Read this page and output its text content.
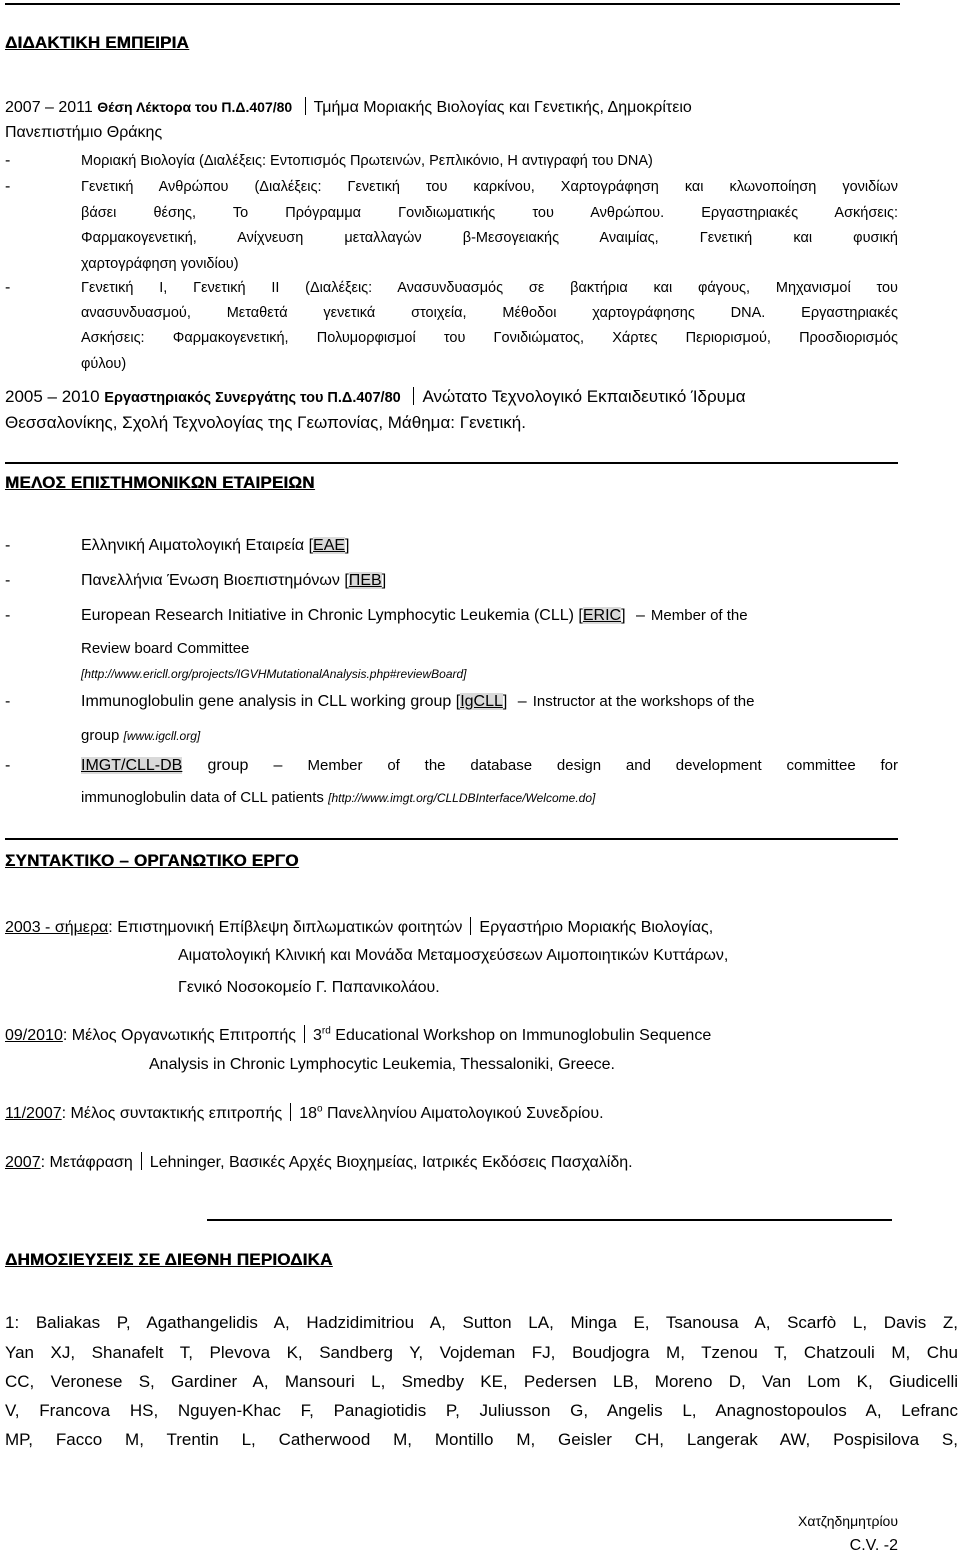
ΔΙΔΑΚΤΙΚΗ ΕΜΠΕΙΡΙΑ
2007 – 2011 Θέση Λέκτορα του Π.Δ.407/80 Τμήμα Μοριακής Βιολογίας και Γενετικής, Δημοκρίτειο
Πανεπιστήμιο Θράκης
-	Μοριακή Βιολογία (Διαλέξεις: Εντοπισμός Πρωτεινών, Ρεπλικόνιο, Η αντιγραφή του DNA)
-	Γενετική Ανθρώπου (Διαλέξεις: Γενετική του καρκίνου, Χαρτογράφηση και κλωνοποίηση γονιδίων
βάσει θέσης, Το Πρόγραμμα Γονιδιωματικής του Ανθρώπου. Εργαστηριακές Ασκήσεις:
Φαρμακογενετική, Ανίχνευση μεταλλαγών β-Μεσογειακής Αναιμίας, Γενετική και φυσική
χαρτογράφηση γονιδίου)
-	Γενετική Ι, Γενετική ΙΙ (Διαλέξεις: Ανασυνδυασμός σε βακτήρια και φάγους, Μηχανισμοί του
ανασυνδυασμού, Μεταθετά γενετικά στοιχεία, Μέθοδοι χαρτογράφησης DNA. Εργαστηριακές
Ασκήσεις: Φαρμακογενετική, Πολυμορφισμοί του Γονιδιώματος, Χάρτες Περιορισμού, Προσδιορισμός
φύλου)
2005 – 2010 Εργαστηριακός Συνεργάτης του Π.Δ.407/80 Ανώτατο Τεχνολογικό Εκπαιδευτικό Ίδρυμα
Θεσσαλονίκης, Σχολή Τεχνολογίας της Γεωπονίας, Μάθημα: Γενετική.
ΜΕΛΟΣ ΕΠΙΣΤΗΜΟΝΙΚΩΝ ΕΤΑΙΡΕΙΩΝ
-	Ελληνική Αιματολογική Εταιρεία [ΕΑΕ]
-	Πανελλήνια Ένωση Βιοεπιστημόνων [ΠΕΒ]
-	European Research Initiative in Chronic Lymphocytic Leukemia (CLL) [ERIC] – Member of the
Review board Committee
[http://www.ericll.org/projects/IGVHMutationalAnalysis.php#reviewBoard]
-	Immunoglobulin gene analysis in CLL working group [IgCLL] – Instructor at the workshops of the
group [www.igcll.org]
-	IMGT/CLL-DB group – Member of the database design and development committee for
immunoglobulin data of CLL patients [http://www.imgt.org/CLLDBInterface/Welcome.do]
ΣΥΝΤΑΚΤΙΚΟ – ΟΡΓΑΝΩΤΙΚΟ ΕΡΓΟ
2003 - σήμερα: Επιστημονική Επίβλεψη διπλωματικών φοιτητών Εργαστήριο Μοριακής Βιολογίας,
Αιματολογική Κλινική και Μονάδα Μεταμοσχεύσεων Αιμοποιητικών Κυττάρων,
Γενικό Νοσοκομείο Γ. Παπανικολάου.
09/2010: Μέλος Οργανωτικής Επιτροπής 3rd Educational Workshop on Immunoglobulin Sequence
Analysis in Chronic Lymphocytic Leukemia, Thessaloniki, Greece.
11/2007: Μέλος συντακτικής επιτροπής $18^o$ Πανελληνίου Αιματολογικού Συνεδρίου.
2007: Μετάφραση Lehninger, Βασικές Αρχές Βιοχημείας, Ιατρικές Εκδόσεις Πασχαλίδη.
ΔΗΜΟΣΙΕΥΣΕΙΣ ΣΕ ΔΙΕΘΝΗ ΠΕΡΙΟΔΙΚΑ
1: Baliakas P, Agathangelidis A, Hadzidimitriou A, Sutton LA, Minga E, Tsanousa A, Scarfò L, Davis Z,
Yan XJ, Shanafelt T, Plevova K, Sandberg Y, Vojdeman FJ, Boudjogra M, Tzenou T, Chatzouli M, Chu
CC, Veronese S, Gardiner A, Mansouri L, Smedby KE, Pedersen LB, Moreno D, Van Lom K, Giudicelli
V, Francova HS, Nguyen-Khac F, Panagiotidis P, Juliusson G, Angelis L, Anagnostopoulos A, Lefranc
MP, Facco M, Trentin L, Catherwood M, Montillo M, Geisler CH, Langerak AW, Pospisilova S,
Χατζηδημητρίου
C.V. -2
